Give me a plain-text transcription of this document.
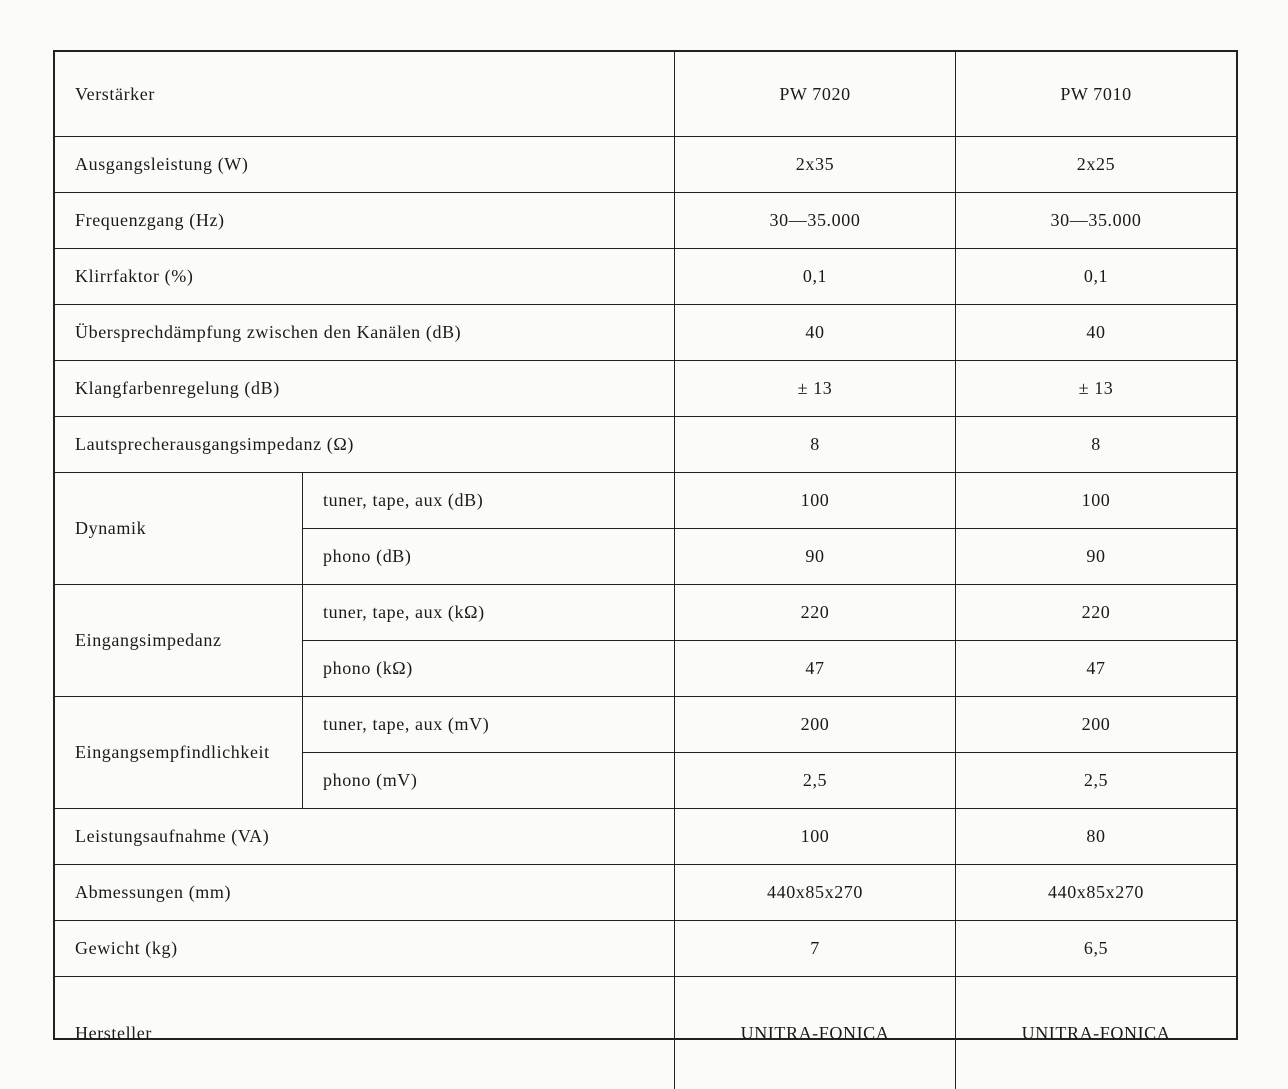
Verstärker	PW 7020	PW 7010
Ausgangsleistung (W)	2x35	2x25
Frequenzgang (Hz)	30—35.000	30—35.000
Klirrfaktor (%)	0,1	0,1
Übersprechdämpfung zwischen den Kanälen (dB)	40	40
Klangfarbenregelung (dB)	± 13	± 13
Lautsprecherausgangsimpedanz (Ω)	8	8
Dynamik
tuner, tape, aux (dB)	100	100
phono (dB)	90	90
Eingangsimpedanz
tuner, tape, aux (kΩ)	220	220
phono (kΩ)	47	47
Eingangsempfindlichkeit
tuner, tape, aux (mV)	200	200
phono (mV)	2,5	2,5
Leistungsaufnahme (VA)	100	80
Abmessungen (mm)	440x85x270	440x85x270
Gewicht (kg)	7	6,5
Hersteller	UNITRA-FONICA	UNITRA-FONICA
